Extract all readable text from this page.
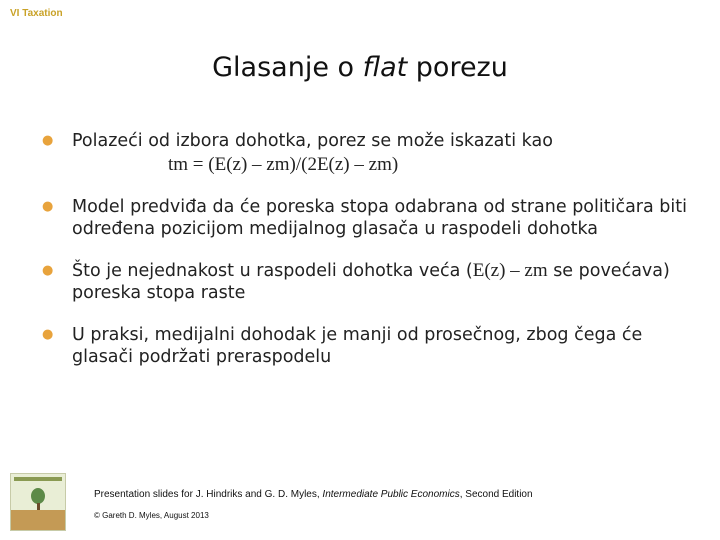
VI Taxation
Glasanje o flat porezu
● Polazeći od izbora dohotka, porez se može iskazati kao
tm = (E(z) – zm)/(2E(z) – zm)
● Model predviđa da će poreska stopa odabrana od strane političara biti određena pozicijom medijalnog glasača u raspodeli dohotka
● Što je nejednakost u raspodeli dohotka veća (E(z) – zm se povećava) poreska stopa raste
● U praksi, medijalni dohodak je manji od prosečnog, zbog čega će glasači podržati preraspodelu
Presentation slides for J. Hindriks and G. D. Myles, Intermediate Public Economics, Second Edition
© Gareth D. Myles, August 2013
